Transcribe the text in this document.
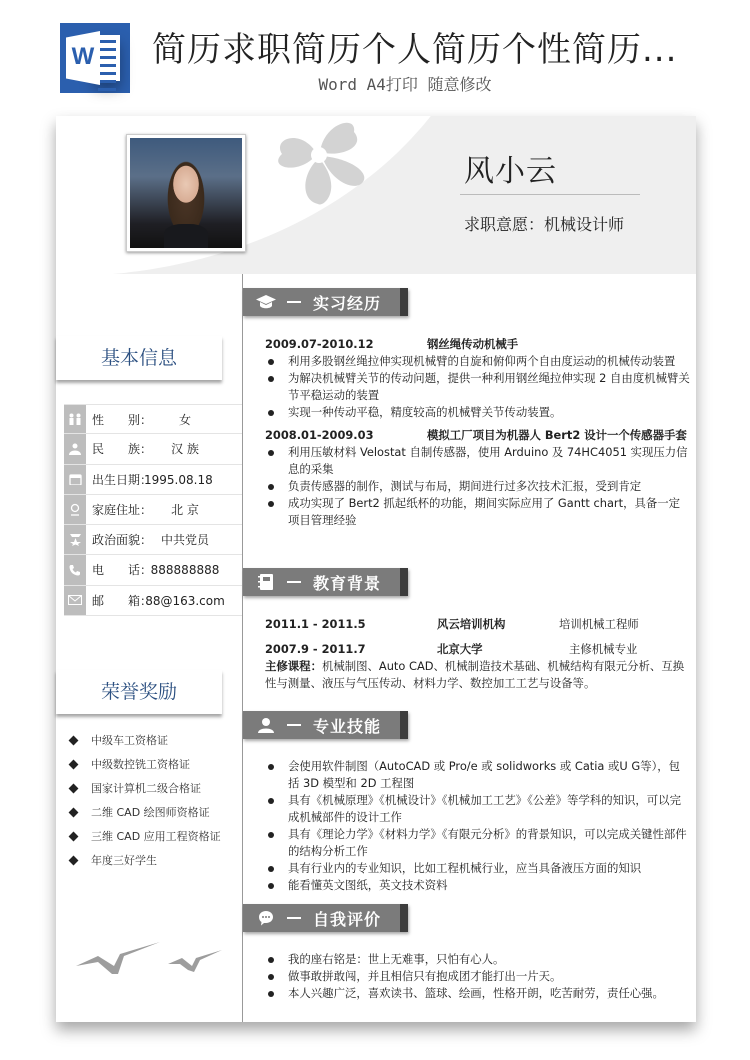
W 简历求职简历个人简历个性简历...
Word A4打印 随意修改
风小云
求职意愿：机械设计师
基本信息
性　　别：	女
民　　族：	汉 族
出生日期：
1995.08.18
家庭住址：	北 京
政治面貌： 中共党员
电　　话：
888888888
邮　　箱：
88@163.com
荣誉奖励
中级车工资格证
中级数控铣工资格证
国家计算机二级合格证
二维 CAD 绘图师资格证
三维 CAD 应用工程资格证
年度三好学生
实习经历
2009.07-2010.12	钢丝绳传动机械手
利用多股钢丝绳拉伸实现机械臂的自旋和俯仰两个自由度运动的机械传动装置
为解决机械臂关节的传动问题，提供一种利用钢丝绳拉伸实现 2 自由度机械臂关节平稳运动的装置
实现一种传动平稳，精度较高的机械臂关节传动装置。
2008.01-2009.03	模拟工厂项目为机器人 Bert2 设计一个传感器手套
利用压敏材料 Velostat 自制传感器，使用 Arduino 及 74HC4051 实现压力信息的采集
负责传感器的制作，测试与布局，期间进行过多次技术汇报，受到肯定
成功实现了 Bert2 抓起纸杯的功能，期间实际应用了 Gantt chart，具备一定项目管理经验
教育背景
2011.1 - 2011.5	风云培训机构	培训机械工程师
2007.9 - 2011.7	北京大学	主修机械专业
主修课程：机械制图、Auto CAD、机械制造技术基础、机械结构有限元分析、互换性与测量、液压与气压传动、材料力学、数控加工工艺与设备等。
专业技能
会使用软件制图（AutoCAD 或 Pro/e 或 solidworks 或 Catia 或U G等），包括 3D 模型和 2D 工程图
具有《机械原理》《机械设计》《机械加工工艺》《公差》等学科的知识，可以完成机械部件的设计工作
具有《理论力学》《材料力学》《有限元分析》的背景知识，可以完成关键性部件的结构分析工作
具有行业内的专业知识，比如工程机械行业，应当具备液压方面的知识
能看懂英文图纸，英文技术资料
自我评价
我的座右铭是：世上无难事，只怕有心人。
做事敢拼敢闯，并且相信只有抱成团才能打出一片天。
本人兴趣广泛，喜欢读书、篮球、绘画，性格开朗，吃苦耐劳，责任心强。
